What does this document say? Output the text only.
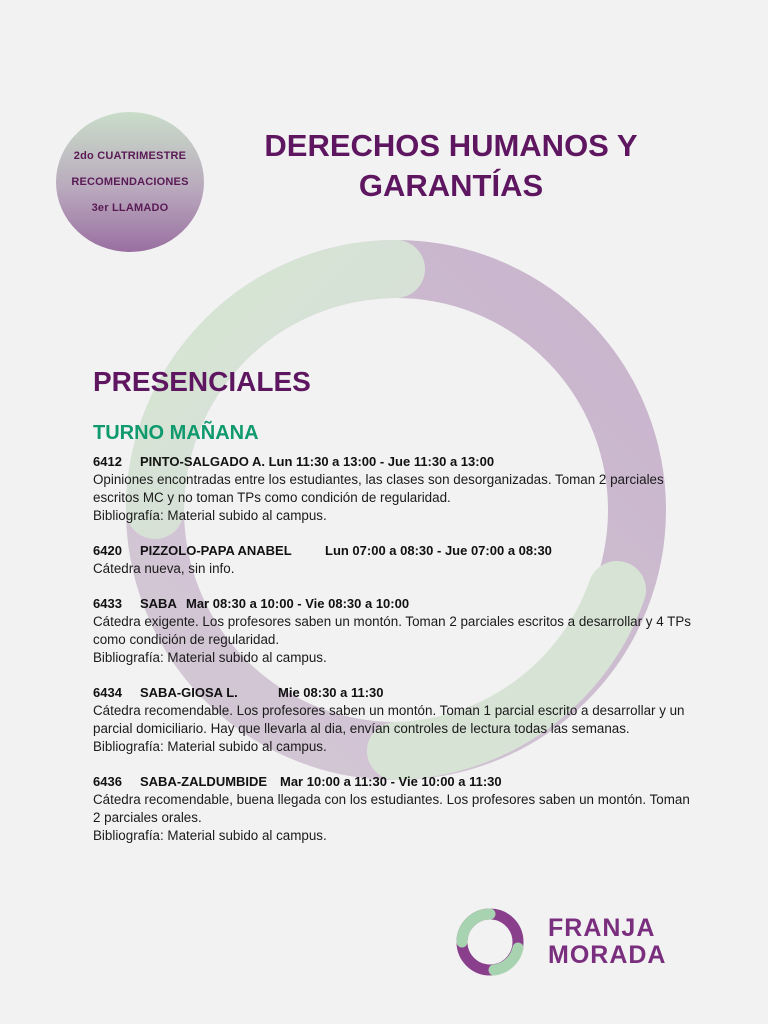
2do CUATRIMESTRE
RECOMENDACIONES
3er LLAMADO
DERECHOS HUMANOS Y
GARANTÍAS
PRESENCIALES
TURNO MAÑANA
6412 PINTO-SALGADO A. Lun 11:30 a 13:00 - Jue 11:30 a 13:00

Opiniones encontradas entre los estudiantes, las clases son desorganizadas. Toman 2 parciales escritos MC y no toman TPs como condición de regularidad.

Bibliografía: Material subido al campus.

6420 PIZZOLO-PAPA ANABEL	Lun 07:00 a 08:30 - Jue 07:00 a 08:30

Cátedra nueva, sin info.

6433 SABA Mar 08:30 a 10:00 - Vie 08:30 a 10:00

Cátedra exigente. Los profesores saben un montón. Toman 2 parciales escritos a desarrollar y 4 TPs como condición de regularidad.

Bibliografía: Material subido al campus.

6434 SABA-GIOSA L.	Mie 08:30 a 11:30

Cátedra recomendable. Los profesores saben un montón. Toman 1 parcial escrito a desarrollar y un parcial domiciliario. Hay que llevarla al dia, envían controles de lectura todas las semanas.

Bibliografía: Material subido al campus.

6436 SABA-ZALDUMBIDE Mar 10:00 a 11:30 - Vie 10:00 a 11:30

Cátedra recomendable, buena llegada con los estudiantes. Los profesores saben un montón. Toman 2 parciales orales.

Bibliografía: Material subido al campus.

FRANJA
MORADA
